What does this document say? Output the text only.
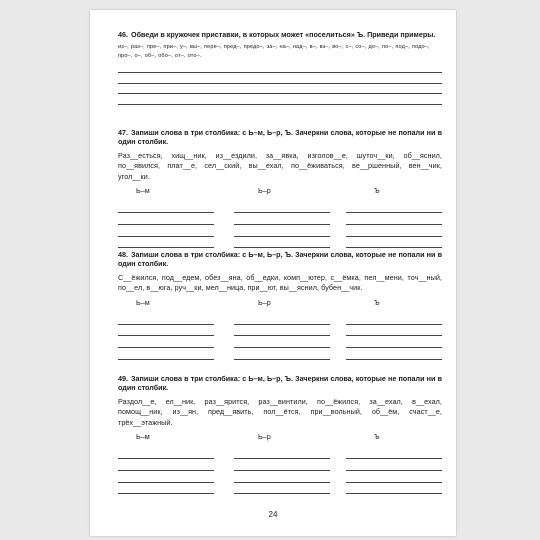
46. Обведи в кружочек приставки, в которых может «поселиться» Ъ. Приведи примеры.
из–, раз–, пре–, при–, у–, вы–, пере–, пред–, предо–, за–, на–, над–, в–, вз–, во–, с–, со–, до–, по–, под–, подо–, про–, о–, об–, обо–, от–, ото–.
47. Запиши слова в три столбика: с Ь–м, Ь–р, Ъ. Зачеркни слова, которые не попали ни в один столбик.
Раз__есться, хищ__ник, из__ездили, за__явка, изголов__е, шуточ__ки, об__яснил, по__явился, плат__е, сел__ский, вы__ехал, по__ёживаться, ве__ршенный, вен__чик, угол__ки.
Ь–м	Ь–р	Ъ
48. Запиши слова в три столбика: с Ь–м, Ь–р, Ъ. Зачеркни слова, которые не попали ни в один столбик.
С__ёжился, под__едем, обез__яна, об__едки, комп__ютер, с__ёмка, пел__мени, точ__ный, по__ел, в__юга, руч__ки, мел__ница, при__ют, вы__яснил, бубен__чик.
Ь–м	Ь–р	Ъ
49. Запиши слова в три столбика: с Ь–м, Ь–р, Ъ. Зачеркни слова, которые не попали ни в один столбик.
Раздол__е, ел__ник, раз__ярится, раз__винтили, по__ёжился, за__ехал, в__ехал, помощ__ник, из__ян, пред__явить, пол__ётся, при__вольный, об__ём, счаст__е, трёх__этажный.
Ь–м	Ь–р	Ъ
24
